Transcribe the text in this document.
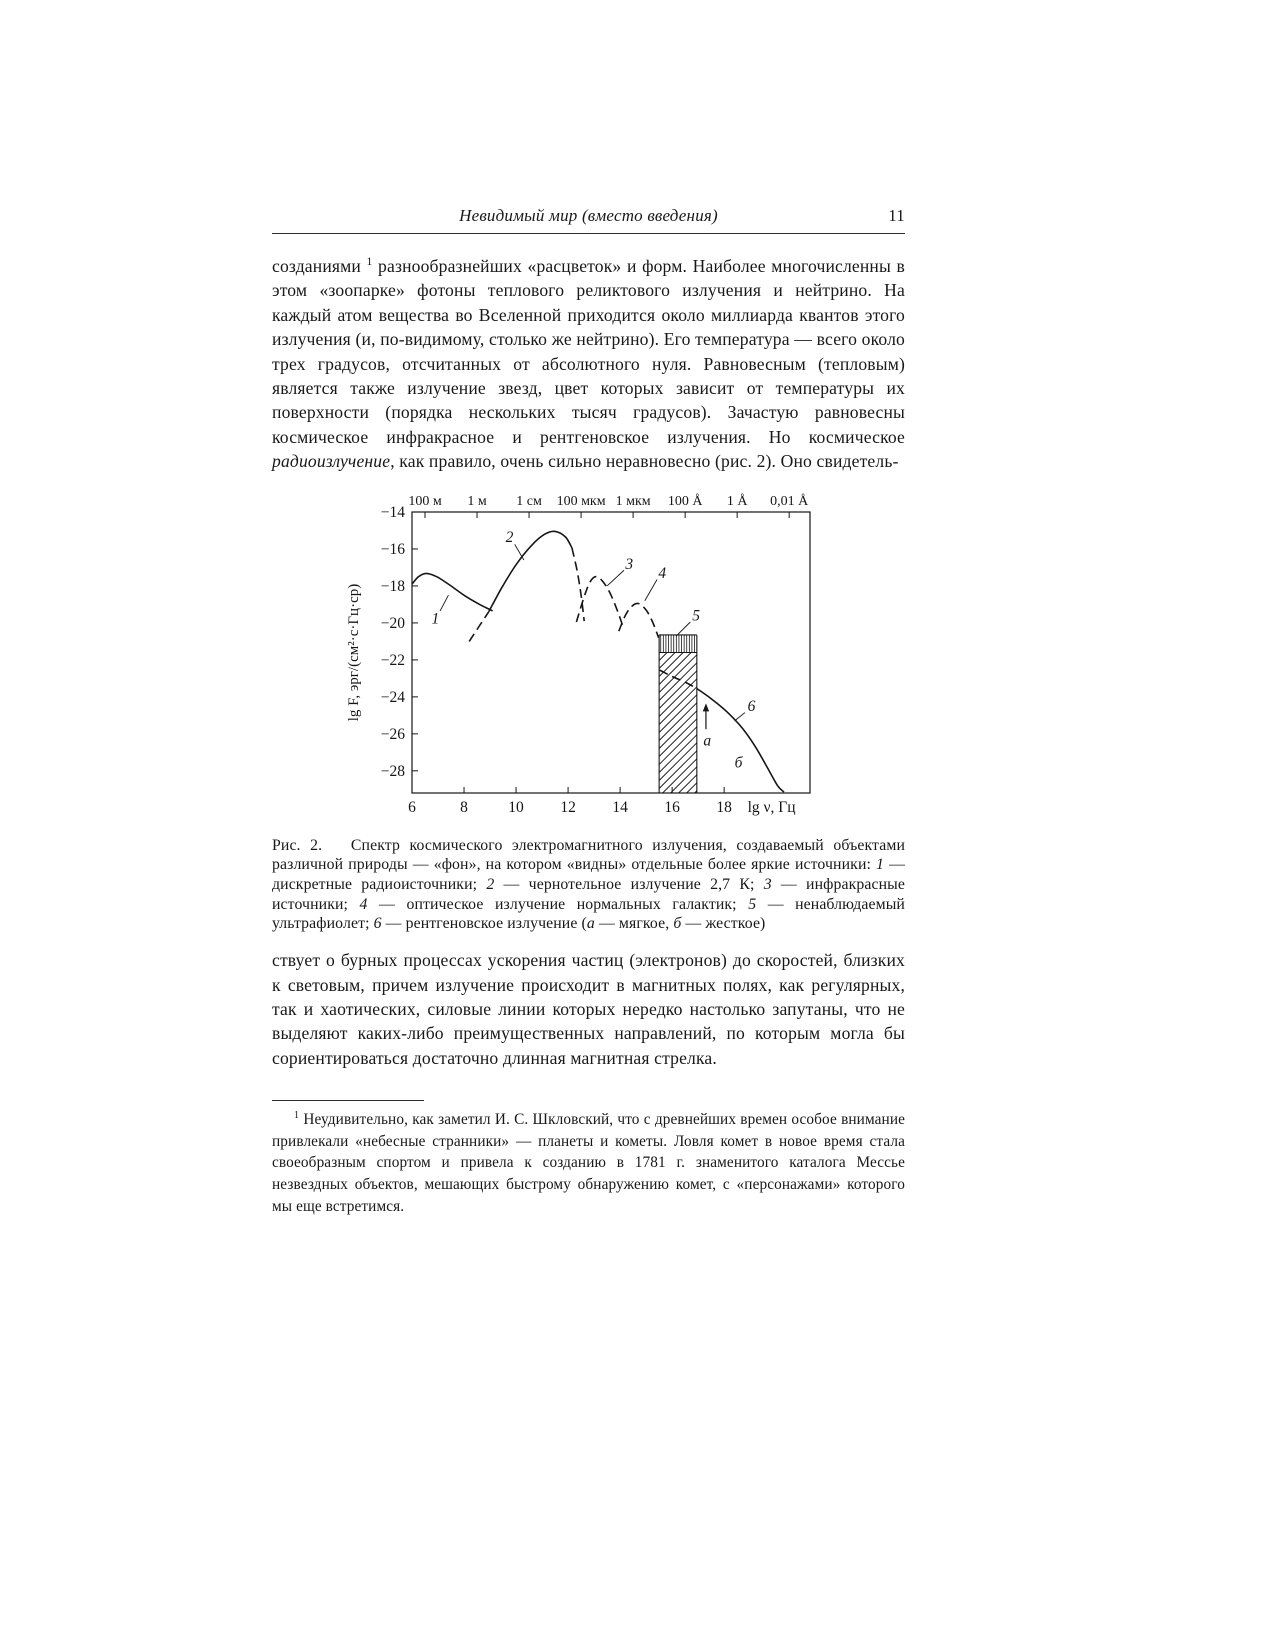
Невидимый мир (вместо введения)	11

созданиями $^1$ разнообразнейших «расцветок» и форм. Наиболее многочисленны в этом «зоопарке» фотоны теплового реликтового излучения и нейтрино. На каждый атом вещества во Вселенной приходится около миллиарда квантов этого излучения (и, по-видимому, столько же нейтрино). Его температура — всего около трех градусов, отсчитанных от абсолютного нуля. Равновесным (тепловым) является также излучение звезд, цвет которых зависит от температуры их поверхности (порядка нескольких тысяч градусов). Зачастую равновесны космическое инфракрасное и рентгеновское излучения. Но космическое радиоизлучение, как правило, очень сильно неравновесно (рис. 2). Оно свидетель-

−14
−16
−18
−20
−22
−24
−26
−28
6	8	10 12 14 16 18 lg ν, Гц
100 м 1 м 1 см 100 мкм 1 мкм 100 Å 1 Å 0,01 Å
lg F, эрг/(см²·с·Гц·ср)	1
2
3
4
5
6
а
б
Рис. 2.   Спектр космического электромагнитного излучения, создаваемый объектами различной природы — «фон», на котором «видны» отдельные более яркие источники: 1 — дискретные радиоисточники; 2 — чернотельное излучение 2,7 К; 3 — инфракрасные источники; 4 — оптическое излучение нормальных галактик; 5 — ненаблюдаемый ультрафиолет; 6 — рентгеновское излучение (а — мягкое, б — жесткое)

ствует о бурных процессах ускорения частиц (электронов) до скоростей, близких к световым, причем излучение происходит в магнитных полях, как регулярных, так и хаотических, силовые линии которых нередко настолько запутаны, что не выделяют каких-либо преимущественных направлений, по которым могла бы сориентироваться достаточно длинная магнитная стрелка.

$^1$ Неудивительно, как заметил И. С. Шкловский, что с древнейших времен особое внимание привлекали «небесные странники» — планеты и кометы. Ловля комет в новое время стала своеобразным спортом и привела к созданию в 1781 г. знаменитого каталога Мессье незвездных объектов, мешающих быстрому обнаружению комет, с «персонажами» которого мы еще встретимся.
